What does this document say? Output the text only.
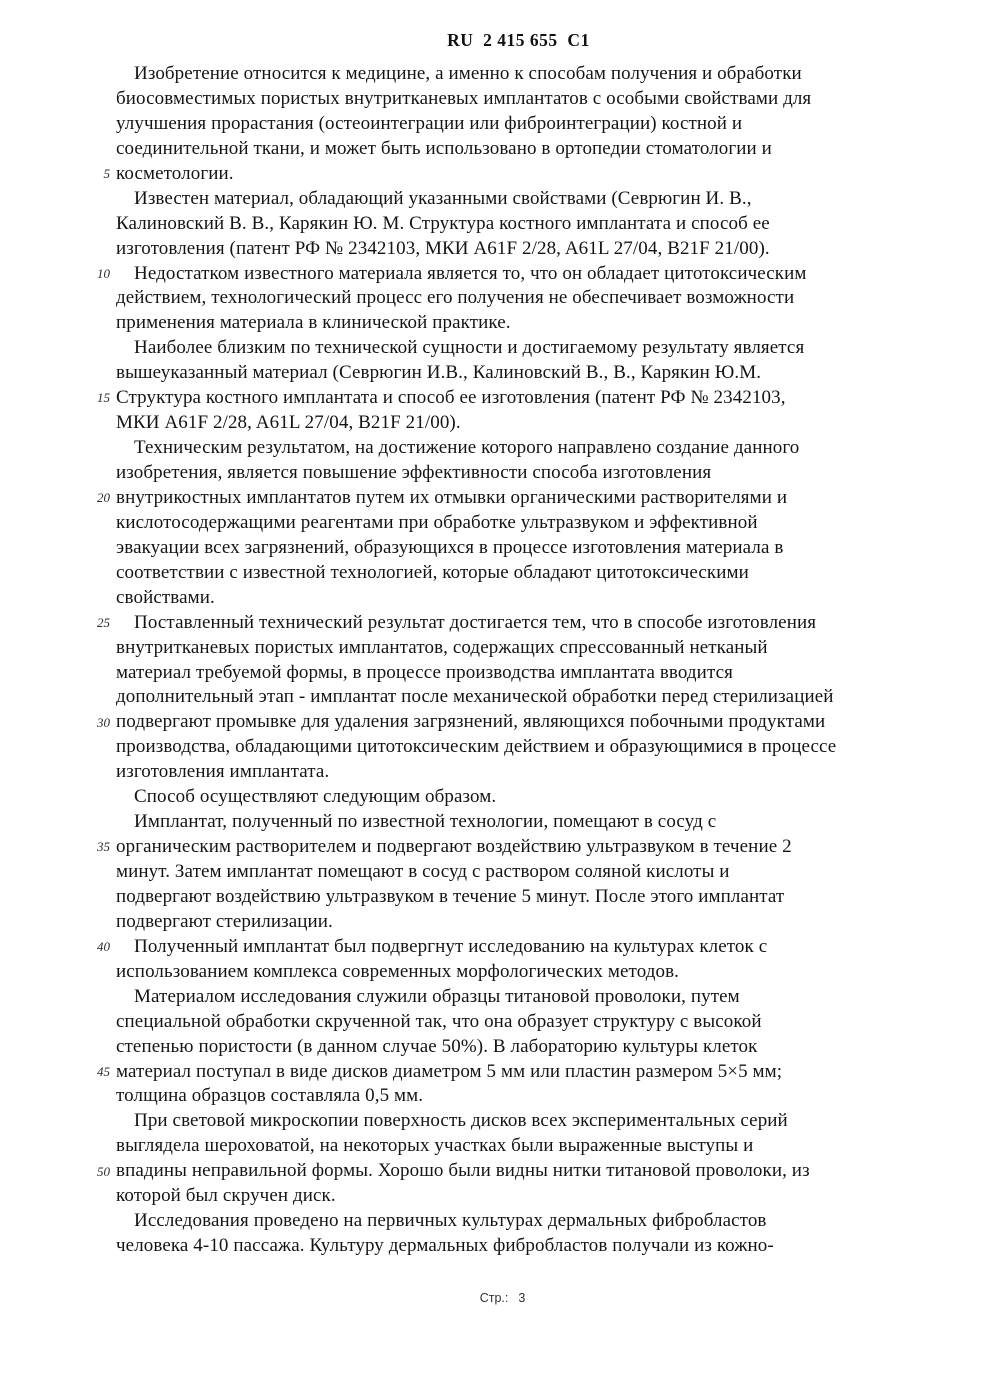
RU  2 415 655  C1
Изобретение относится к медицине, а именно к способам получения и обработки
биосовместимых пористых внутритканевых имплантатов с особыми свойствами для
улучшения прорастания (остеоинтеграции или фиброинтеграции) костной и
соединительной ткани, и может быть использовано в ортопедии стоматологии и
косметологии.
Известен материал, обладающий указанными свойствами (Севрюгин И. В.,
Калиновский В. В., Карякин Ю. М. Структура костного имплантата и способ ее
изготовления (патент РФ № 2342103, МКИ A61F 2/28, A61L 27/04, B21F 21/00).
Недостатком известного материала является то, что он обладает цитотоксическим
действием, технологический процесс его получения не обеспечивает возможности
применения материала в клинической практике.
Наиболее близким по технической сущности и достигаемому результату является
вышеуказанный материал (Севрюгин И.В., Калиновский В., В., Карякин Ю.М.
Структура костного имплантата и способ ее изготовления (патент РФ № 2342103,
МКИ A61F 2/28, A61L 27/04, B21F 21/00).
Техническим результатом, на достижение которого направлено создание данного
изобретения, является повышение эффективности способа изготовления
внутрикостных имплантатов путем их отмывки органическими растворителями и
кислотосодержащими реагентами при обработке ультразвуком и эффективной
эвакуации всех загрязнений, образующихся в процессе изготовления материала в
соответствии с известной технологией, которые обладают цитотоксическими
свойствами.
Поставленный технический результат достигается тем, что в способе изготовления
внутритканевых пористых имплантатов, содержащих спрессованный нетканый
материал требуемой формы, в процессе производства имплантата вводится
дополнительный этап - имплантат после механической обработки перед стерилизацией
подвергают промывке для удаления загрязнений, являющихся побочными продуктами
производства, обладающими цитотоксическим действием и образующимися в процессе
изготовления имплантата.
Способ осуществляют следующим образом.
Имплантат, полученный по известной технологии, помещают в сосуд с
органическим растворителем и подвергают воздействию ультразвуком в течение 2
минут. Затем имплантат помещают в сосуд с раствором соляной кислоты и
подвергают воздействию ультразвуком в течение 5 минут. После этого имплантат
подвергают стерилизации.
Полученный имплантат был подвергнут исследованию на культурах клеток с
использованием комплекса современных морфологических методов.
Материалом исследования служили образцы титановой проволоки, путем
специальной обработки скрученной так, что она образует структуру с высокой
степенью пористости (в данном случае 50%). В лабораторию культуры клеток
материал поступал в виде дисков диаметром 5 мм или пластин размером 5×5 мм;
толщина образцов составляла 0,5 мм.
При световой микроскопии поверхность дисков всех экспериментальных серий
выглядела шероховатой, на некоторых участках были выраженные выступы и
впадины неправильной формы. Хорошо были видны нитки титановой проволоки, из
которой был скручен диск.
Исследования проведено на первичных культурах дермальных фибробластов
человека 4-10 пассажа. Культуру дермальных фибробластов получали из кожно-
5
10
15
20
25
30
35
40
45
50
Стр.: 3
